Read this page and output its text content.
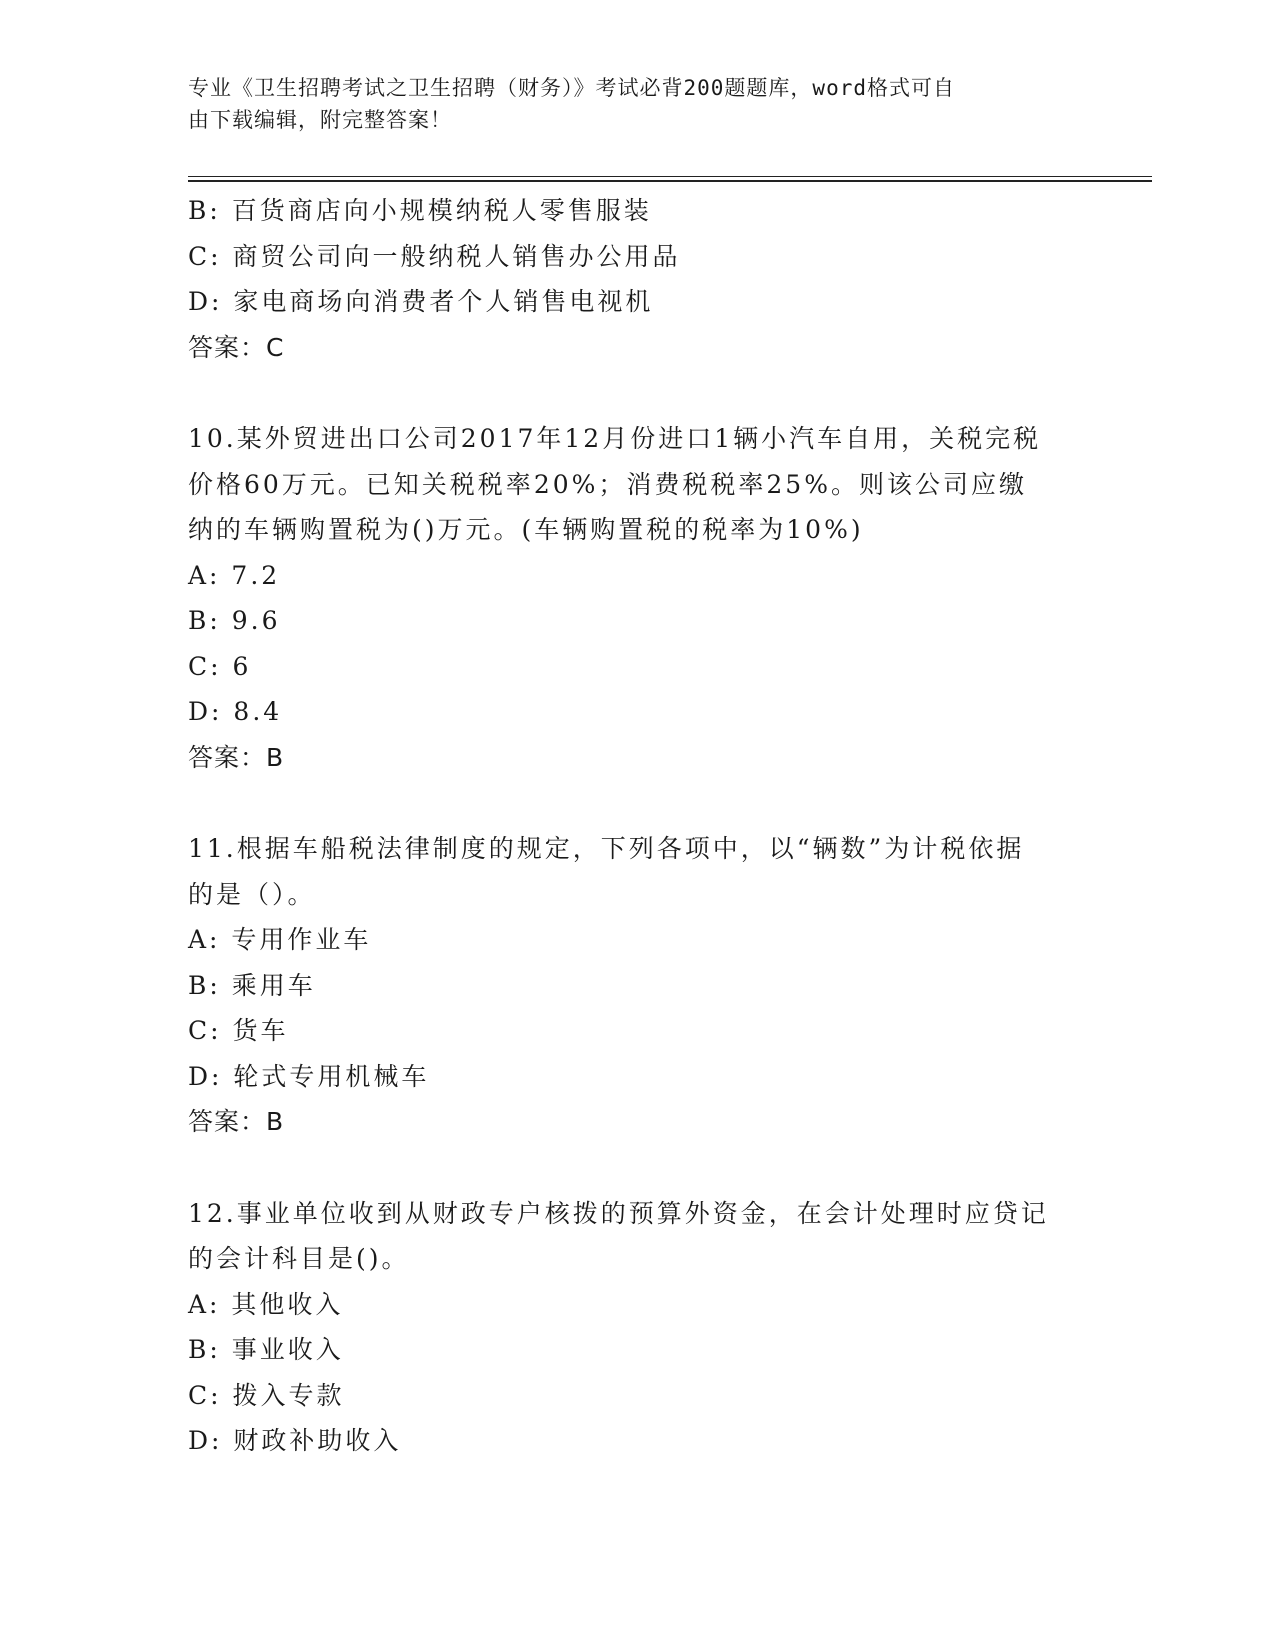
专业《卫生招聘考试之卫生招聘（财务）》考试必背200题题库，word格式可自
由下载编辑，附完整答案！
B: 百货商店向小规模纳税人零售服装
C: 商贸公司向一般纳税人销售办公用品
D: 家电商场向消费者个人销售电视机
答案：C
10.某外贸进出口公司2017年12月份进口1辆小汽车自用，关税完税
价格60万元。已知关税税率20%；消费税税率25%。则该公司应缴
纳的车辆购置税为()万元。(车辆购置税的税率为10%)
A: 7.2
B: 9.6
C: 6
D: 8.4
答案：B
11.根据车船税法律制度的规定，下列各项中，以“辆数”为计税依据
的是（）。
A: 专用作业车
B: 乘用车
C: 货车
D: 轮式专用机械车
答案：B
12.事业单位收到从财政专户核拨的预算外资金，在会计处理时应贷记
的会计科目是()。
A: 其他收入
B: 事业收入
C: 拨入专款
D: 财政补助收入
